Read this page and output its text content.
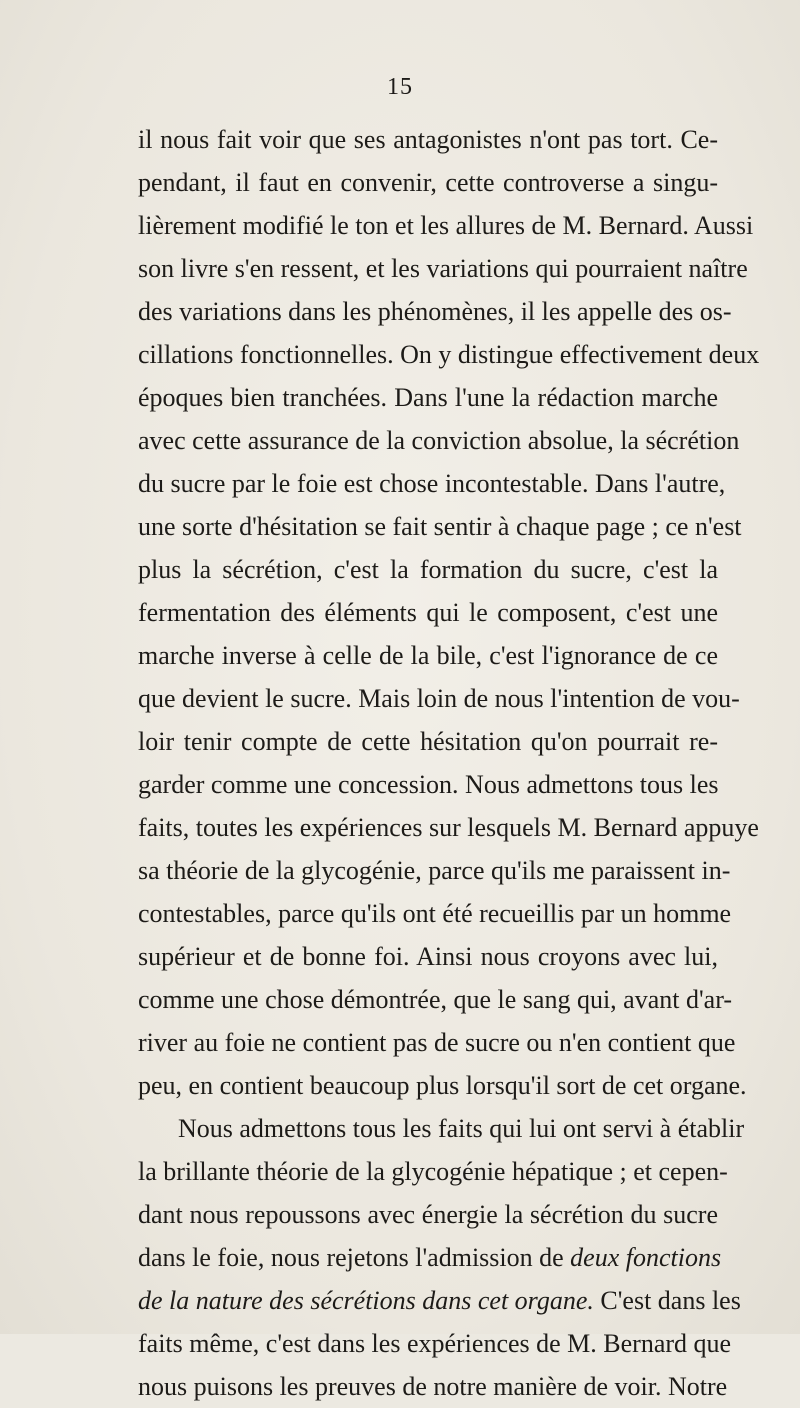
15
il nous fait voir que ses antagonistes n'ont pas tort. Ce-
pendant, il faut en convenir, cette controverse a singu-
lièrement modifié le ton et les allures de M. Bernard. Aussi
son livre s'en ressent, et les variations qui pourraient naître
des variations dans les phénomènes, il les appelle des os-
cillations fonctionnelles. On y distingue effectivement deux
époques bien tranchées. Dans l'une la rédaction marche
avec cette assurance de la conviction absolue, la sécrétion
du sucre par le foie est chose incontestable. Dans l'autre,
une sorte d'hésitation se fait sentir à chaque page ; ce n'est
plus la sécrétion, c'est la formation du sucre, c'est la
fermentation des éléments qui le composent, c'est une
marche inverse à celle de la bile, c'est l'ignorance de ce
que devient le sucre. Mais loin de nous l'intention de vou-
loir tenir compte de cette hésitation qu'on pourrait re-
garder comme une concession. Nous admettons tous les
faits, toutes les expériences sur lesquels M. Bernard appuye
sa théorie de la glycogénie, parce qu'ils me paraissent in-
contestables, parce qu'ils ont été recueillis par un homme
supérieur et de bonne foi. Ainsi nous croyons avec lui,
comme une chose démontrée, que le sang qui, avant d'ar-
river au foie ne contient pas de sucre ou n'en contient que
peu, en contient beaucoup plus lorsqu'il sort de cet organe.
Nous admettons tous les faits qui lui ont servi à établir
la brillante théorie de la glycogénie hépatique ; et cepen-
dant nous repoussons avec énergie la sécrétion du sucre
dans le foie, nous rejetons l'admission de deux fonctions
de la nature des sécrétions dans cet organe. C'est dans les
faits même, c'est dans les expériences de M. Bernard que
nous puisons les preuves de notre manière de voir. Notre
